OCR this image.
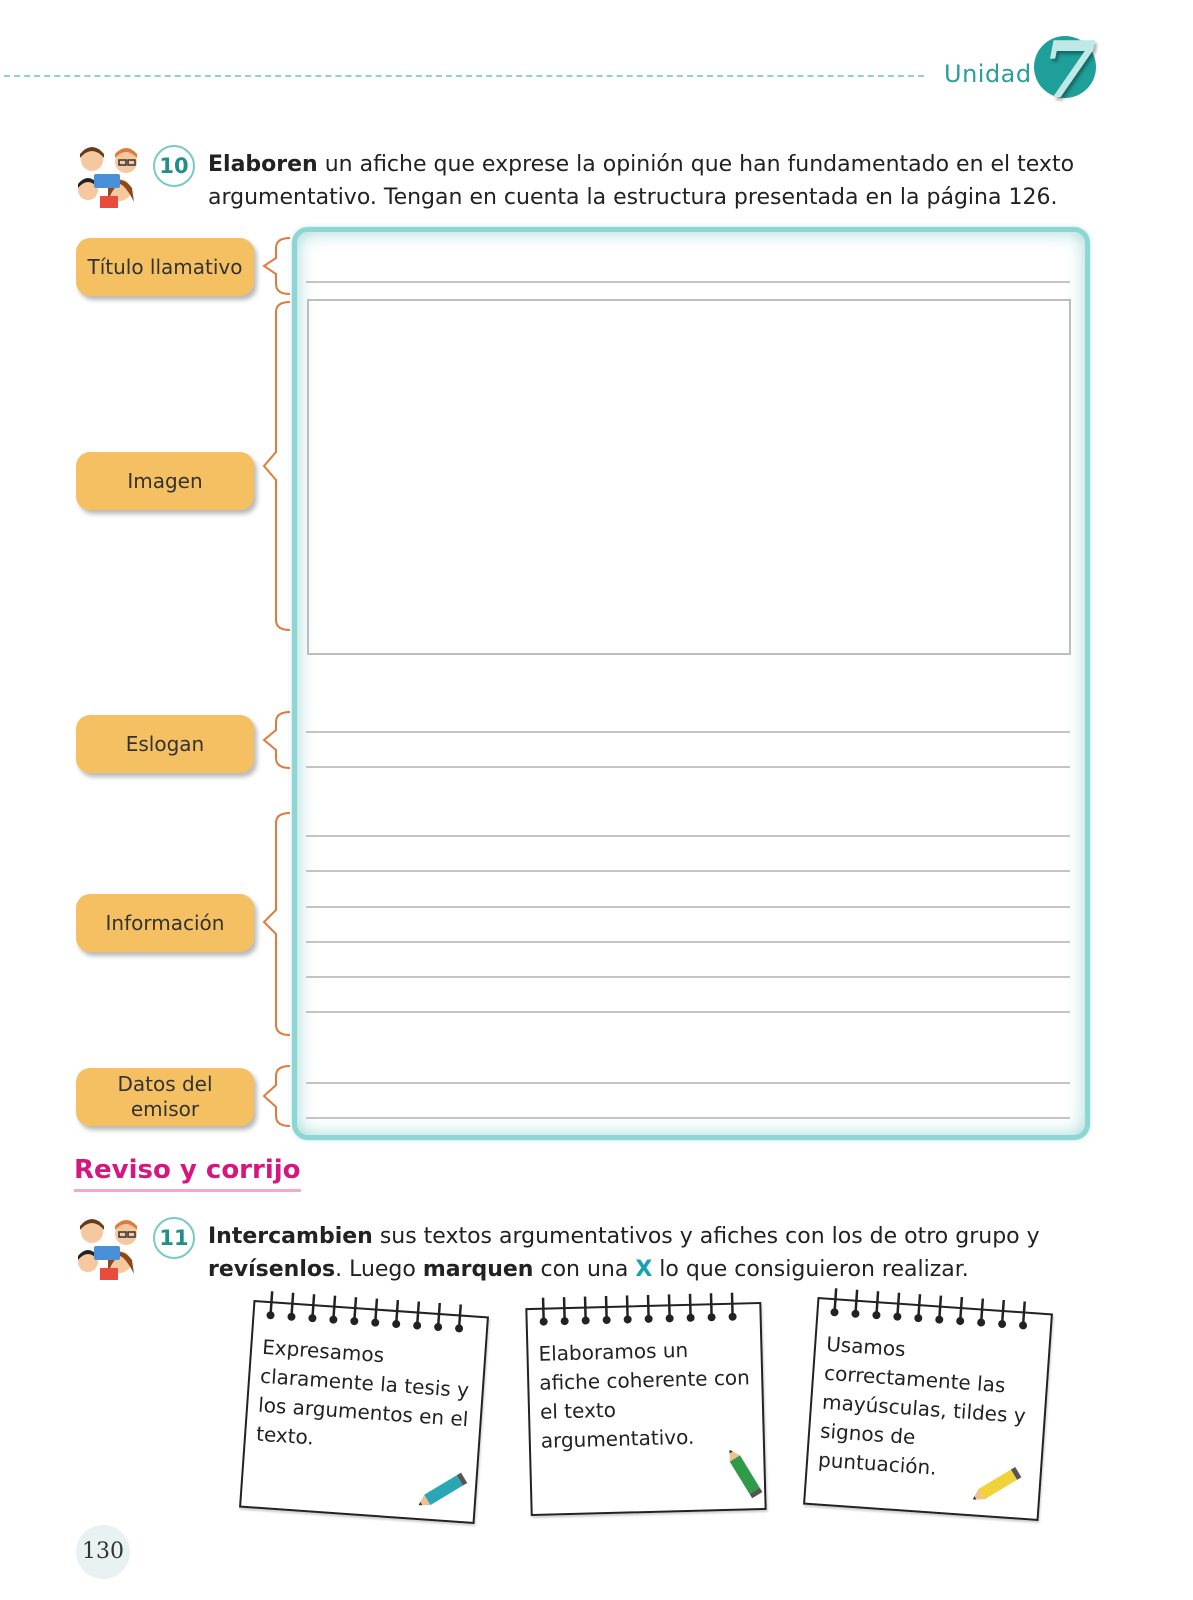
Unidad 7
10 Elaboren un afiche que exprese la opinión que han fundamentado en el texto argumentativo. Tengan en cuenta la estructura presentada en la página 126.
Título llamativo
Imagen
Eslogan
Información
Datos del
emisor
Reviso y corrijo
11 Intercambien sus textos argumentativos y afiches con los de otro grupo y revísenlos. Luego marquen con una X lo que consiguieron realizar.
Expresamos claramente la tesis y los argumentos en el texto.
Elaboramos un afiche coherente con el texto argumentativo.
Usamos correctamente las mayúsculas, tildes y signos de puntuación.
130
